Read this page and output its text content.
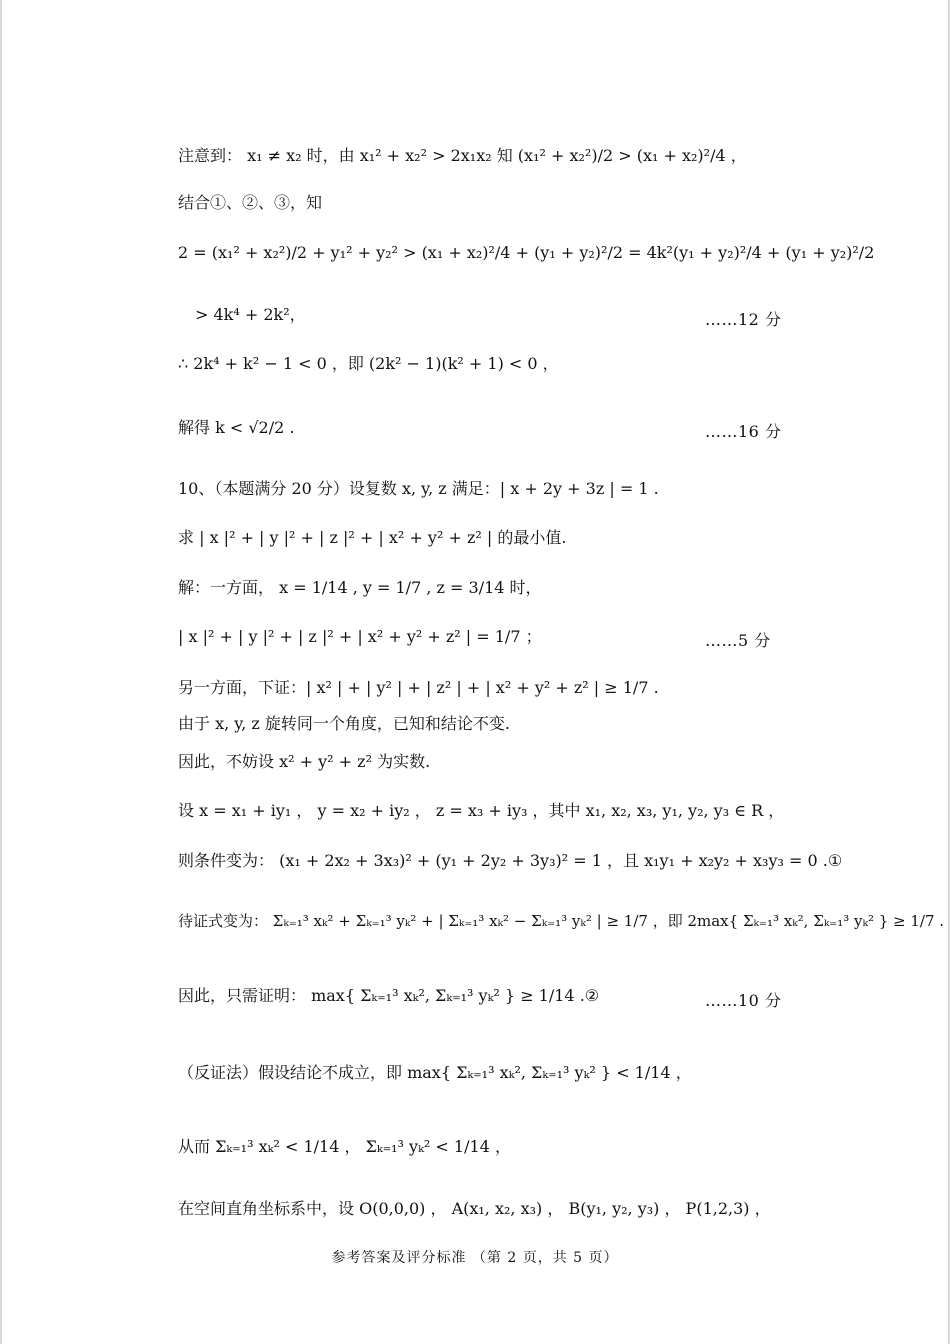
注意到： x₁ ≠ x₂ 时，由 x₁² + x₂² > 2x₁x₂ 知 (x₁² + x₂²)/2 > (x₁ + x₂)²/4 ，
结合①、②、③，知
2 = (x₁² + x₂²)/2 + y₁² + y₂² > (x₁ + x₂)²/4 + (y₁ + y₂)²/2 = 4k²(y₁ + y₂)²/4 + (y₁ + y₂)²/2
> 4k⁴ + 2k²，	……12 分
∴ 2k⁴ + k² − 1 < 0 ，即 (2k² − 1)(k² + 1) < 0 ，
解得 k < √2/2 .	……16 分
10、（本题满分 20 分）设复数 x, y, z 满足：| x + 2y + 3z | = 1 .
求 | x |² + | y |² + | z |² + | x² + y² + z² | 的最小值.
解：一方面， x = 1/14 , y = 1/7 , z = 3/14 时，
| x |² + | y |² + | z |² + | x² + y² + z² | = 1/7 ；	……5 分
另一方面，下证：| x² | + | y² | + | z² | + | x² + y² + z² | ≥ 1/7 .
由于 x, y, z 旋转同一个角度，已知和结论不变.
因此，不妨设 x² + y² + z² 为实数.
设 x = x₁ + iy₁ ， y = x₂ + iy₂ ， z = x₃ + iy₃ ，其中 x₁, x₂, x₃, y₁, y₂, y₃ ∈ R ，
则条件变为： (x₁ + 2x₂ + 3x₃)² + (y₁ + 2y₂ + 3y₃)² = 1 ，且 x₁y₁ + x₂y₂ + x₃y₃ = 0 .①
待证式变为： Σₖ₌₁³ xₖ² + Σₖ₌₁³ yₖ² + | Σₖ₌₁³ xₖ² − Σₖ₌₁³ yₖ² | ≥ 1/7 ，即 2max{ Σₖ₌₁³ xₖ², Σₖ₌₁³ yₖ² } ≥ 1/7 .
因此，只需证明： max{ Σₖ₌₁³ xₖ², Σₖ₌₁³ yₖ² } ≥ 1/14 .②	……10 分
（反证法）假设结论不成立，即 max{ Σₖ₌₁³ xₖ², Σₖ₌₁³ yₖ² } < 1/14 ，
从而 Σₖ₌₁³ xₖ² < 1/14 ， Σₖ₌₁³ yₖ² < 1/14 ，
在空间直角坐标系中，设 O(0,0,0) ， A(x₁, x₂, x₃) ， B(y₁, y₂, y₃) ， P(1,2,3) ，
参考答案及评分标准 （第 2 页，共 5 页）
